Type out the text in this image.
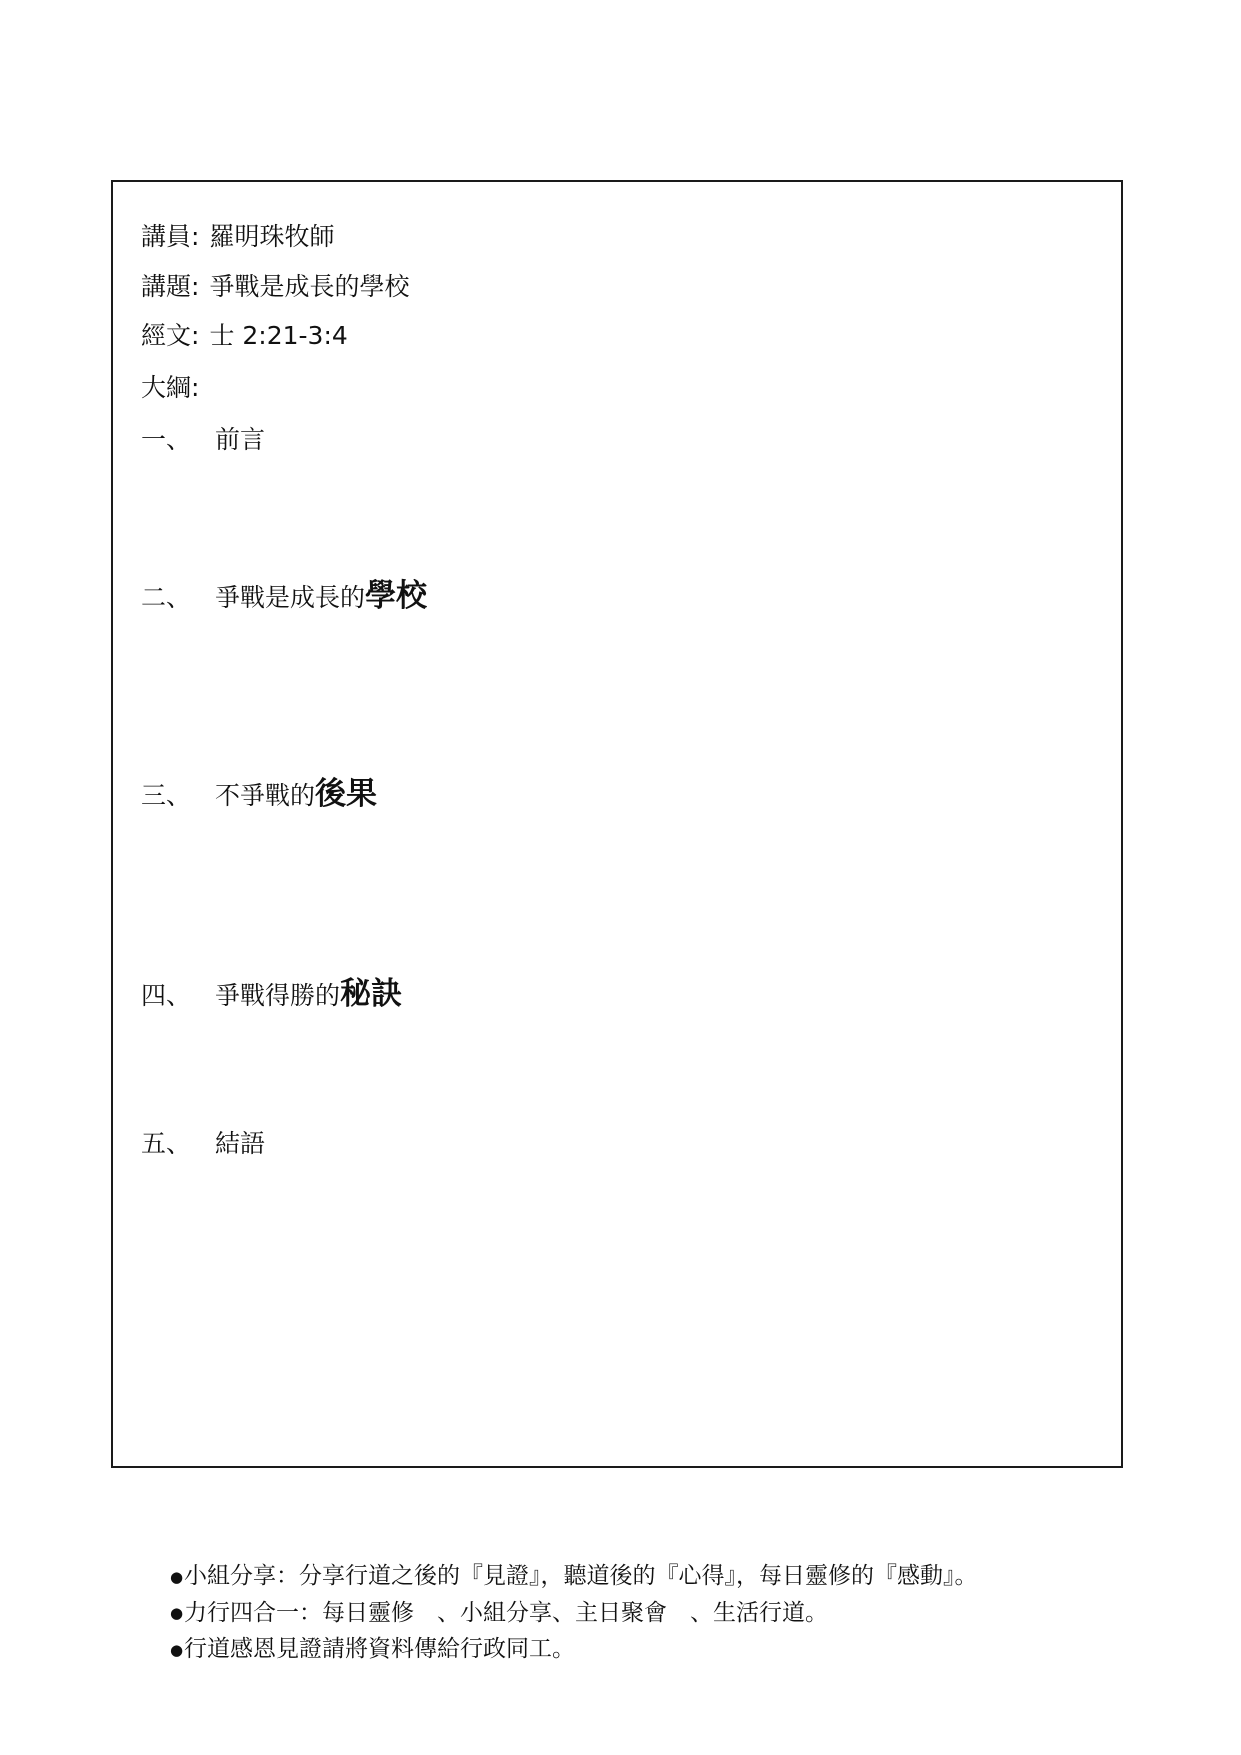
講員: 羅明珠牧師
講題: 爭戰是成長的學校
經文: 士 2:21-3:4
大綱:
一、 前言
二、 爭戰是成長的學校
三、 不爭戰的後果
四、 爭戰得勝的秘訣
五、 結語
●小組分享：分享行道之後的『見證』，聽道後的『心得』，每日靈修的『感動』。
●力行四合一：每日靈修　、小組分享、主日聚會　、生活行道。
●行道感恩見證請將資料傳給行政同工。
